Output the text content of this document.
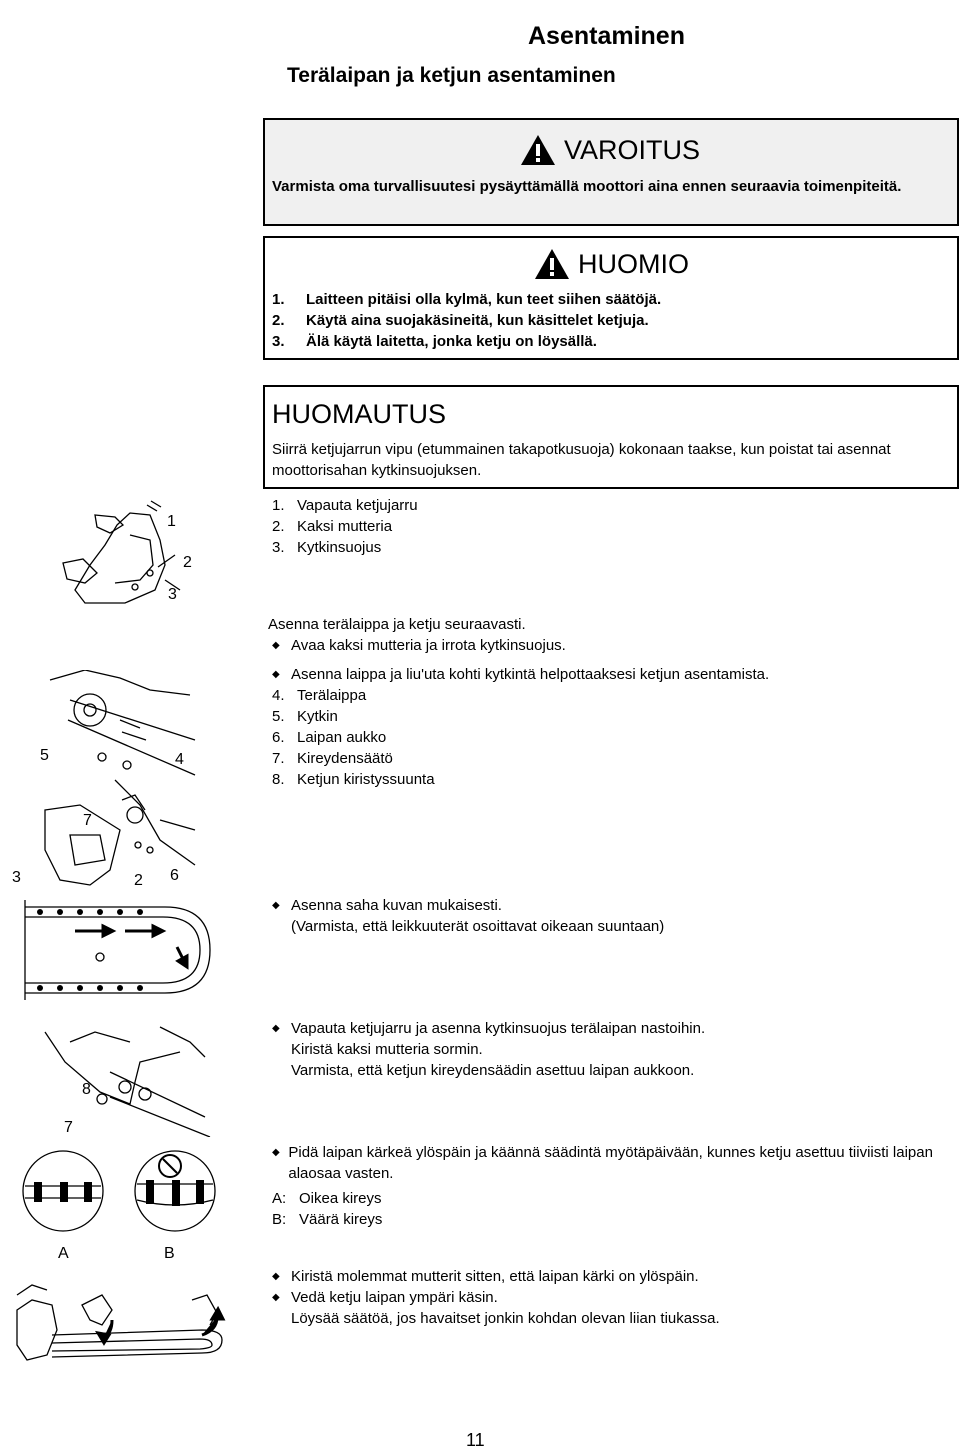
Asentaminen
Terälaipan ja ketjun asentaminen
VAROITUS
Varmista oma turvallisuutesi pysäyttämällä moottori aina ennen seuraavia toimenpiteitä.
HUOMIO
1.	Laitteen pitäisi olla kylmä, kun teet siihen säätöjä.
2.	Käytä aina suojakäsineitä, kun käsittelet ketjuja.
3.	Älä käytä laitetta, jonka ketju on löysällä.
HUOMAUTUS
Siirrä ketjujarrun vipu (etummainen takapotkusuoja) kokonaan taakse, kun poistat tai asennat moottorisahan kytkinsuojuksen.
1
2
3
1. Vapauta ketjujarru
2. Kaksi mutteria
3. Kytkinsuojus
Asenna terälaippa ja ketju seuraavasti.
◆ Avaa kaksi mutteria ja irrota kytkinsuojus.
5	4
7
3	2 6
◆ Asenna laippa ja liu'uta kohti kytkintä helpottaaksesi ketjun asentamista.
4. Terälaippa
5. Kytkin
6. Laipan aukko
7. Kireydensäätö
8. Ketjun kiristyssuunta
◆ Asenna saha kuvan mukaisesti.
(Varmista, että leikkuuterät osoittavat oikeaan suuntaan)
8
7
◆ Vapauta ketjujarru ja asenna kytkinsuojus terälaipan nastoihin.
Kiristä kaksi mutteria sormin.
Varmista, että ketjun kireydensäädin asettuu laipan aukkoon.
A	B
◆ Pidä laipan kärkeä ylöspäin ja käännä säädintä myötäpäivään, kunnes ketju asettuu tiiviisti laipan alaosaa vasten.
A: Oikea kireys
B: Väärä kireys
◆ Kiristä molemmat mutterit sitten, että laipan kärki on ylöspäin.
◆ Vedä ketju laipan ympäri käsin.
Löysää säätöä, jos havaitset jonkin kohdan olevan liian tiukassa.
11
